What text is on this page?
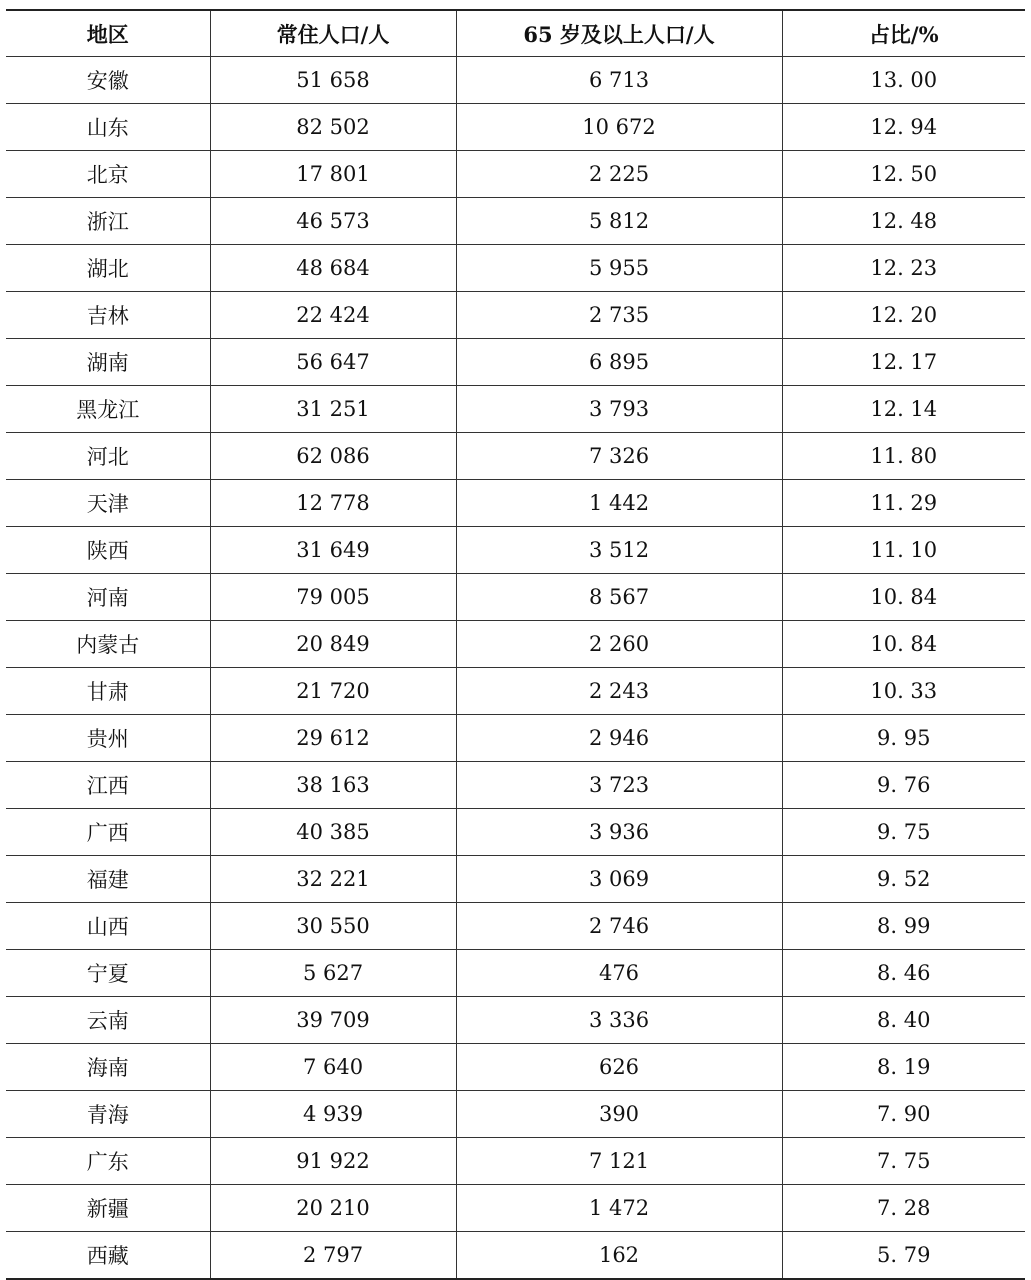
地区	常住人口/人	65 岁及以上人口/人	占比/%
安徽	51 658	6 713	13. 00
山东	82 502	10 672	12. 94
北京	17 801	2 225	12. 50
浙江	46 573	5 812	12. 48
湖北	48 684	5 955	12. 23
吉林	22 424	2 735	12. 20
湖南	56 647	6 895	12. 17
黑龙江	31 251	3 793	12. 14
河北	62 086	7 326	11. 80
天津	12 778	1 442	11. 29
陕西	31 649	3 512	11. 10
河南	79 005	8 567	10. 84
内蒙古	20 849	2 260	10. 84
甘肃	21 720	2 243	10. 33
贵州	29 612	2 946	9. 95
江西	38 163	3 723	9. 76
广西	40 385	3 936	9. 75
福建	32 221	3 069	9. 52
山西	30 550	2 746	8. 99
宁夏	5 627	476	8. 46
云南	39 709	3 336	8. 40
海南	7 640	626	8. 19
青海	4 939	390	7. 90
广东	91 922	7 121	7. 75
新疆	20 210	1 472	7. 28
西藏	2 797	162	5. 79
